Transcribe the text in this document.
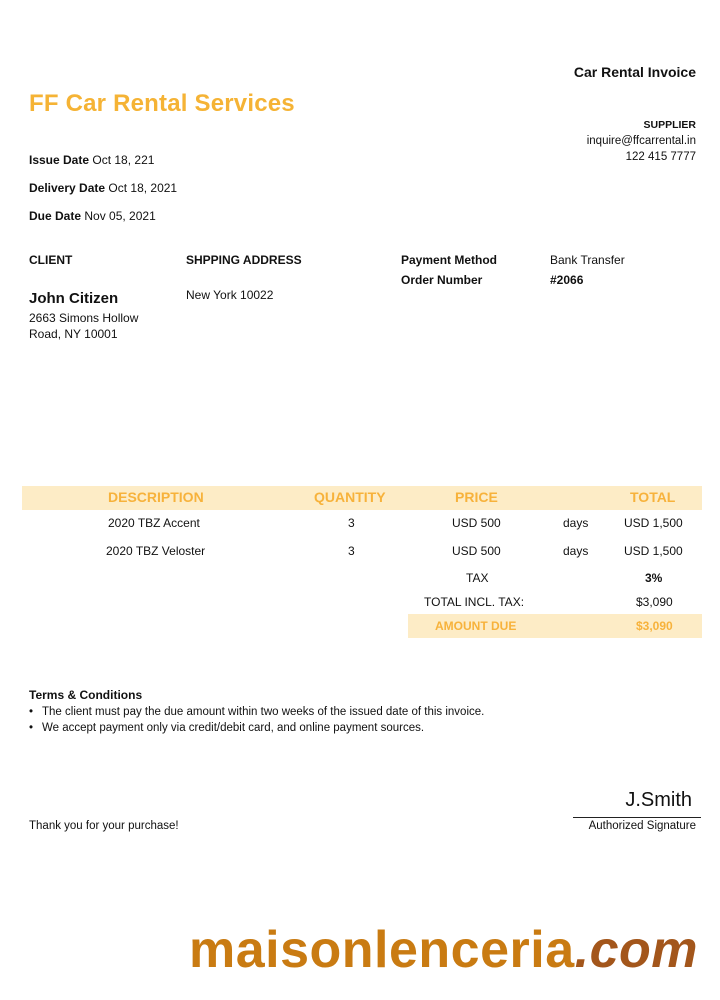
Car Rental Invoice
FF Car Rental Services
SUPPLIER
inquire@ffcarrental.in
122 415 7777
Issue Date Oct 18, 221
Delivery Date Oct 18, 2021
Due Date Nov 05, 2021
CLIENT
John Citizen
2663 Simons Hollow Road, NY 10001
SHPPING ADDRESS
New York 10022
Payment Method	Bank Transfer
Order Number	#2066
DESCRIPTION	QUANTITY	PRICE	TOTAL
2020 TBZ Accent	3	USD 500	days	USD 1,500
2020 TBZ Veloster	3	USD 500	days	USD 1,500
TAX	3%
TOTAL INCL. TAX:	$3,090
AMOUNT DUE	$3,090
Terms & Conditions
• The client must pay the due amount within two weeks of the issued date of this invoice.
• We accept payment only via credit/debit card, and online payment sources.
Thank you for your purchase!
J.Smith
Authorized Signature
maisonlenceria.com
